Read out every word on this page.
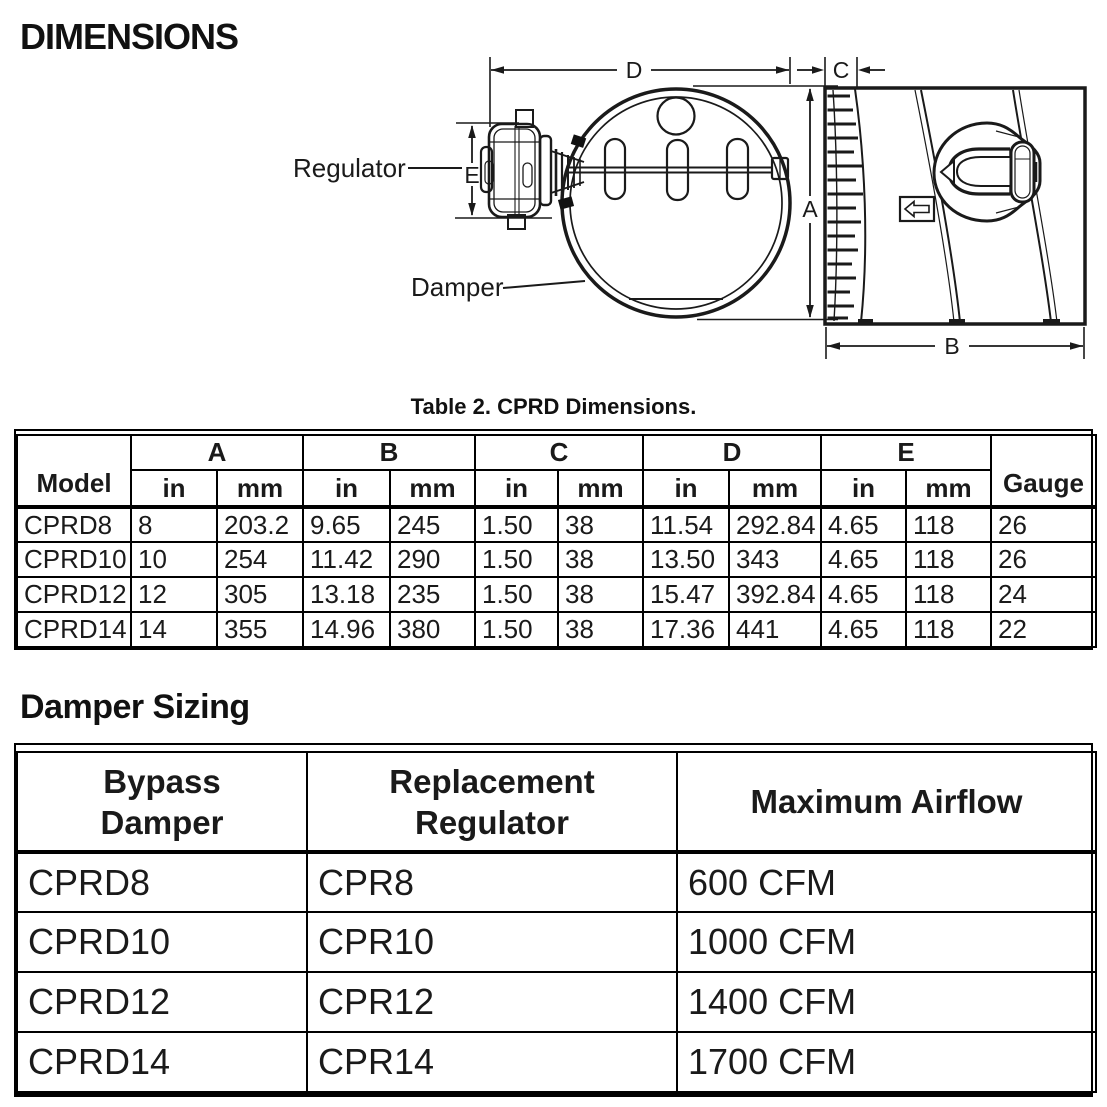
DIMENSIONS
Regulator
Damper
D	C
A
E
B
Table 2. CPRD Dimensions.
Model	A		B		C		D		E		Gauge
	in	mm	in	mm	in	mm	in	mm	in	mm	
CPRD8	8	203.2	9.65	245	1.50	38	11.54	292.84	4.65	118	26
CPRD10	10	254	11.42	290	1.50	38	13.50	343	4.65	118	26
CPRD12	12	305	13.18	235	1.50	38	15.47	392.84	4.65	118	24
CPRD14	14	355	14.96	380	1.50	38	17.36	441	4.65	118	22
Damper Sizing
Bypass
Damper

Replacement
Regulator

Maximum Airflow

CPRD8	CPR8	600 CFM
CPRD10	CPR10	1000 CFM
CPRD12	CPR12	1400 CFM
CPRD14	CPR14	1700 CFM
